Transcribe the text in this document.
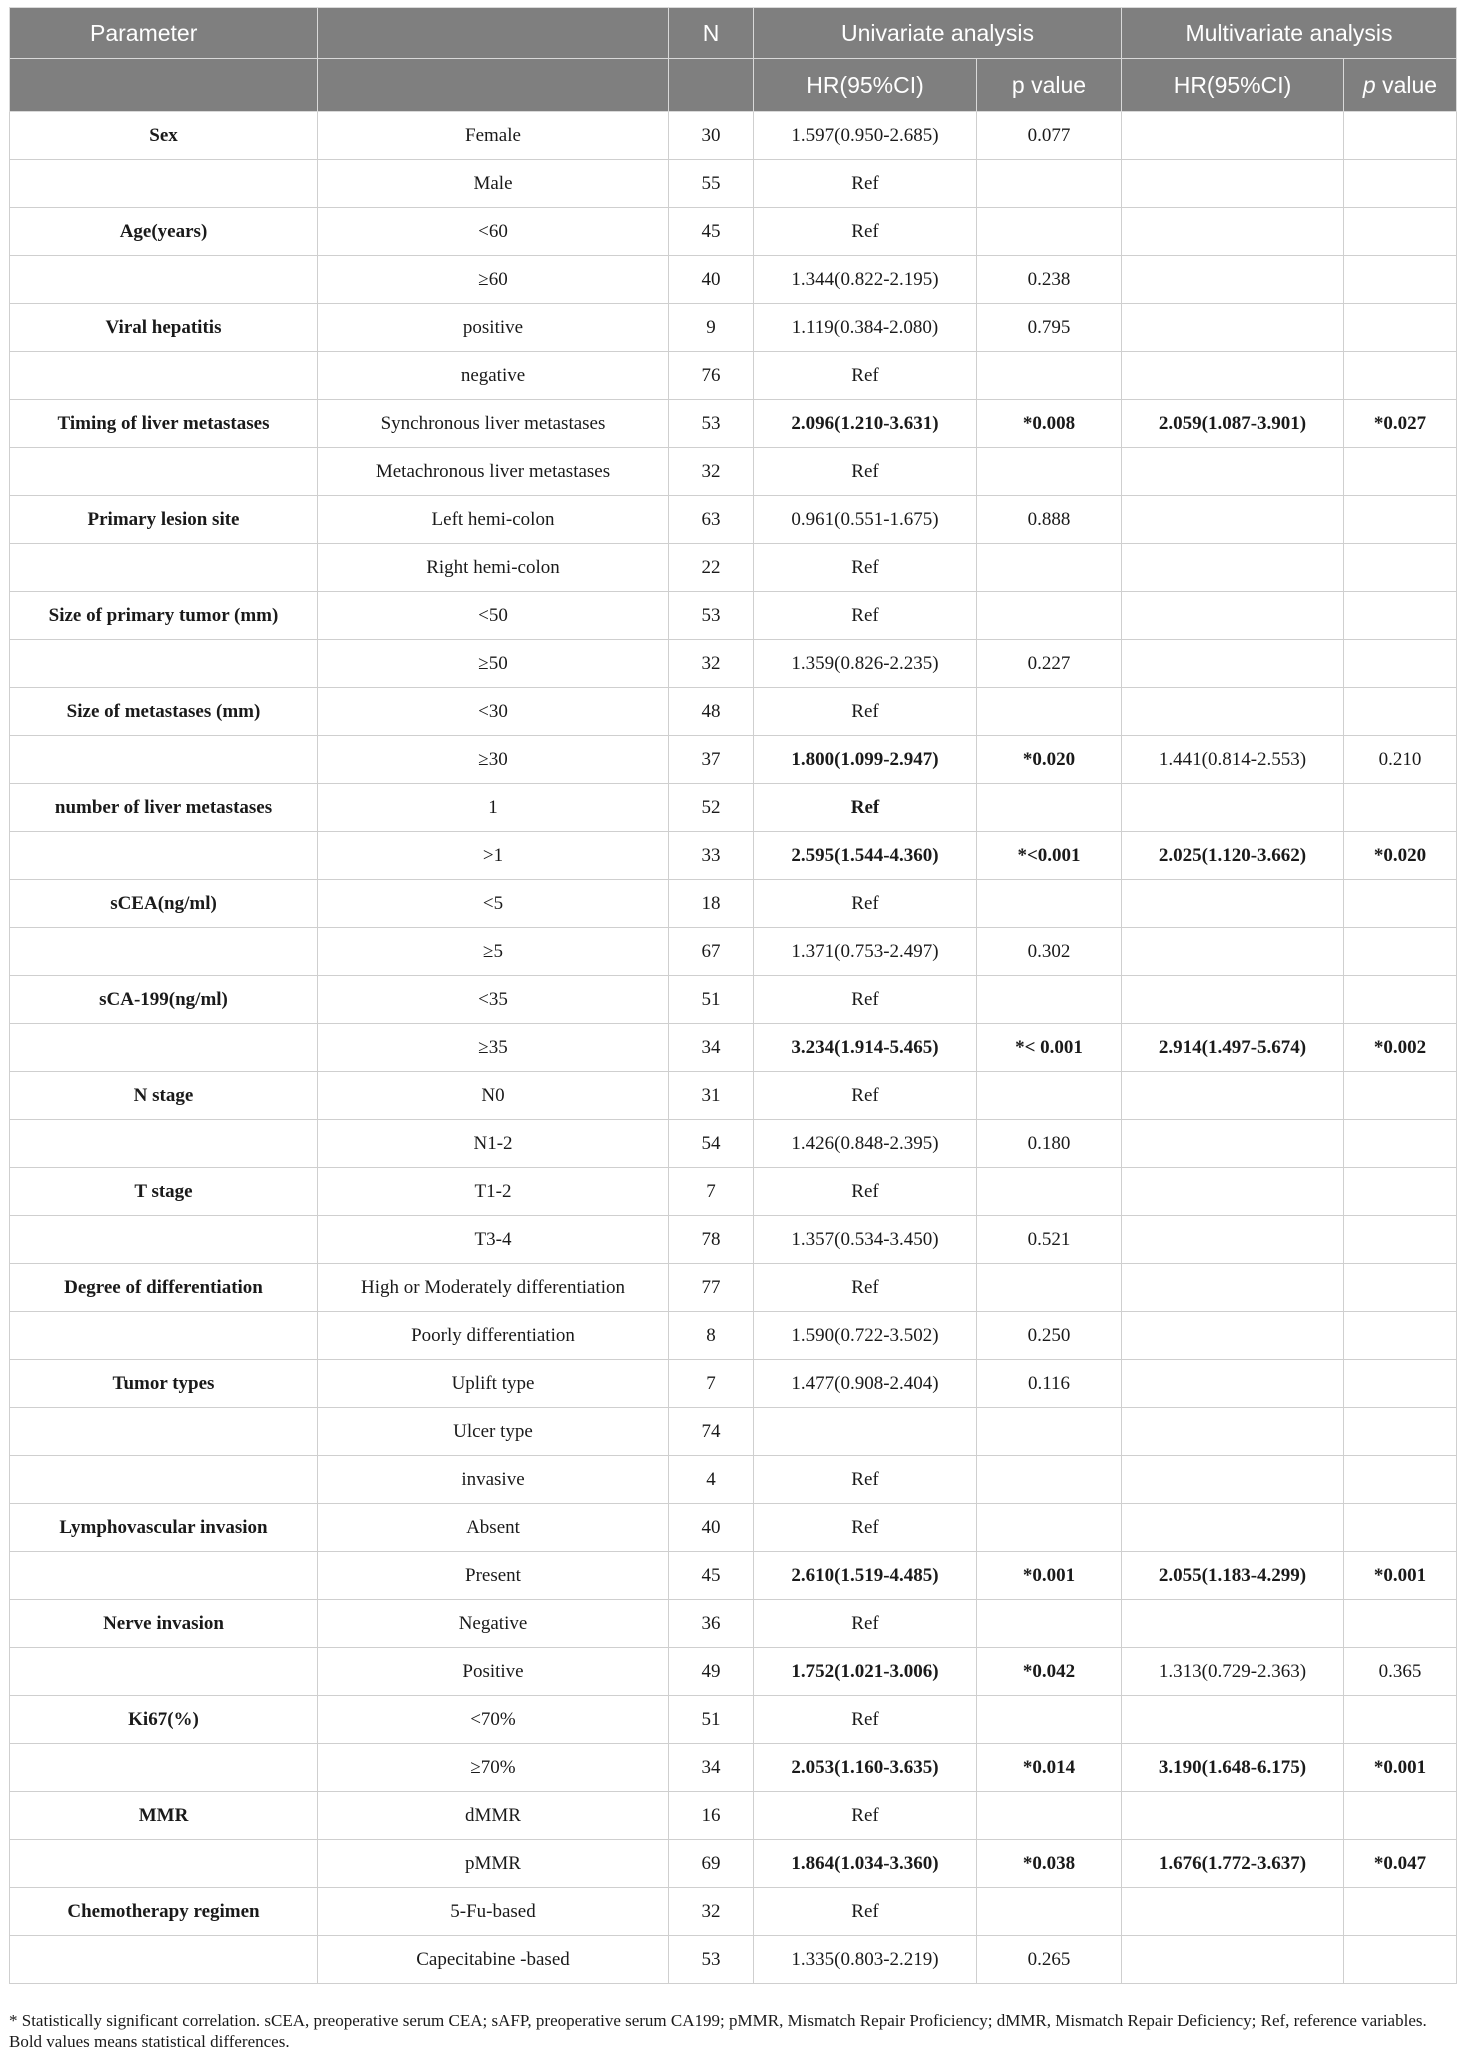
Parameter		N	Univariate analysis		Multivariate analysis	
			HR(95%CI)	p value	HR(95%CI)	p value
Sex	Female	30	1.597(0.950-2.685)	0.077		
	Male	55	Ref			
Age(years)	<60	45	Ref			
	≥60	40	1.344(0.822-2.195)	0.238		
Viral hepatitis	positive	9	1.119(0.384-2.080)	0.795		
	negative	76	Ref			
Timing of liver metastases	Synchronous liver metastases	53	2.096(1.210-3.631)	*0.008	2.059(1.087-3.901)	*0.027
	Metachronous liver metastases	32	Ref			
Primary lesion site	Left hemi-colon	63	0.961(0.551-1.675)	0.888		
	Right hemi-colon	22	Ref			
Size of primary tumor (mm)	<50	53	Ref			
	≥50	32	1.359(0.826-2.235)	0.227		
Size of metastases (mm)	<30	48	Ref			
	≥30	37	1.800(1.099-2.947)	*0.020	1.441(0.814-2.553)	0.210
number of liver metastases	1	52	Ref			
	>1	33	2.595(1.544-4.360)	*<0.001	2.025(1.120-3.662)	*0.020
sCEA(ng/ml)	<5	18	Ref			
	≥5	67	1.371(0.753-2.497)	0.302		
sCA-199(ng/ml)	<35	51	Ref			
	≥35	34	3.234(1.914-5.465)	*< 0.001	2.914(1.497-5.674)	*0.002
N stage	N0	31	Ref			
	N1-2	54	1.426(0.848-2.395)	0.180		
T stage	T1-2	7	Ref			
	T3-4	78	1.357(0.534-3.450)	0.521		
Degree of differentiation	High or Moderately differentiation	77	Ref			
	Poorly differentiation	8	1.590(0.722-3.502)	0.250		
Tumor types	Uplift type	7	1.477(0.908-2.404)	0.116		
	Ulcer type	74				
	invasive	4	Ref			
Lymphovascular invasion	Absent	40	Ref			
	Present	45	2.610(1.519-4.485)	*0.001	2.055(1.183-4.299)	*0.001
Nerve invasion	Negative	36	Ref			
	Positive	49	1.752(1.021-3.006)	*0.042	1.313(0.729-2.363)	0.365
Ki67(%)	<70%	51	Ref			
	≥70%	34	2.053(1.160-3.635)	*0.014	3.190(1.648-6.175)	*0.001
MMR	dMMR	16	Ref			
	pMMR	69	1.864(1.034-3.360)	*0.038	1.676(1.772-3.637)	*0.047
Chemotherapy regimen	5-Fu-based	32	Ref			
	Capecitabine -based	53	1.335(0.803-2.219)	0.265		
* Statistically significant correlation. sCEA, preoperative serum CEA; sAFP, preoperative serum CA199; pMMR, Mismatch Repair Proficiency; dMMR, Mismatch Repair Deficiency; Ref, reference variables. Bold values means statistical differences.
